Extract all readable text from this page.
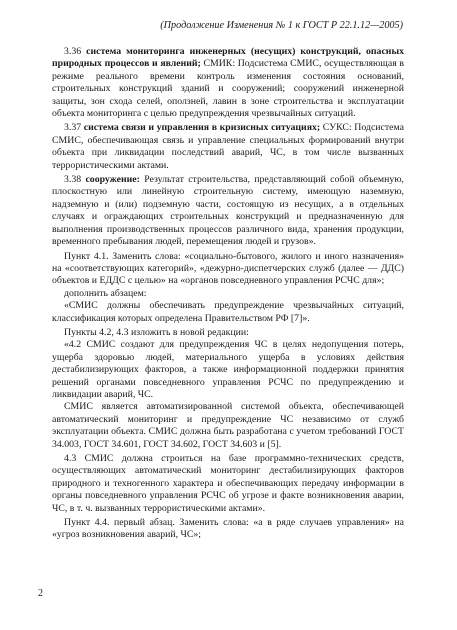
(Продолжение Изменения № 1 к ГОСТ Р 22.1.12—2005)

3.36 система мониторинга инженерных (несущих) конструкций, опасных природных процессов и явлений; СМИК: Подсистема СМИС, осуществляющая в режиме реального времени контроль изменения состояния оснований, строительных конструкций зданий и сооружений; сооружений инженерной защиты, зон схода селей, оползней, лавин в зоне строительства и эксплуатации объекта мониторинга с целью предупреждения чрезвычайных ситуаций.

3.37 система связи и управления в кризисных ситуациях; СУКС: Подсистема СМИС, обеспечивающая связь и управление специальных формирований внутри объекта при ликвидации последствий аварий, ЧС, в том числе вызванных террористическими актами.

3.38 сооружение: Результат строительства, представляющий собой объемную, плоскостную или линейную строительную систему, имеющую наземную, надземную и (или) подземную части, состоящую из несущих, а в отдельных случаях и ограждающих строительных конструкций и предназначенную для выполнения производственных процессов различного вида, хранения продукции, временного пребывания людей, перемещения людей и грузов».

Пункт 4.1. Заменить слова: «социально-бытового, жилого и иного назначения» на «соответствующих категорий», «дежурно-диспетчерских служб (далее — ДДС) объектов и ЕДДС с целью» на «органов повседневного управления РСЧС для»;

дополнить абзацем:

«СМИС должны обеспечивать предупреждение чрезвычайных ситуаций, классификация которых определена Правительством РФ [7]».

Пункты 4.2, 4.3 изложить в новой редакции:

«4.2 СМИС создают для предупреждения ЧС в целях недопущения потерь, ущерба здоровью людей, материального ущерба в условиях действия дестабилизирующих факторов, а также информационной поддержки принятия решений органами повседневного управления РСЧС по предупреждению и ликвидации аварий, ЧС.

СМИС является автоматизированной системой объекта, обеспечивающей автоматический мониторинг и предупреждение ЧС независимо от служб эксплуатации объекта. СМИС должна быть разработана с учетом требований ГОСТ 34.003, ГОСТ 34.601, ГОСТ 34.602, ГОСТ 34.603 и [5].

4.3 СМИС должна строиться на базе программно-технических средств, осуществляющих автоматический мониторинг дестабилизирующих факторов природного и техногенного характера и обеспечивающих передачу информации в органы повседневного управления РСЧС об угрозе и факте возникновения аварии, ЧС, в т. ч. вызванных террористическими актами».

Пункт 4.4. первый абзац. Заменить слова: «а в ряде случаев управления» на «угроз возникновения аварий, ЧС»;

2
